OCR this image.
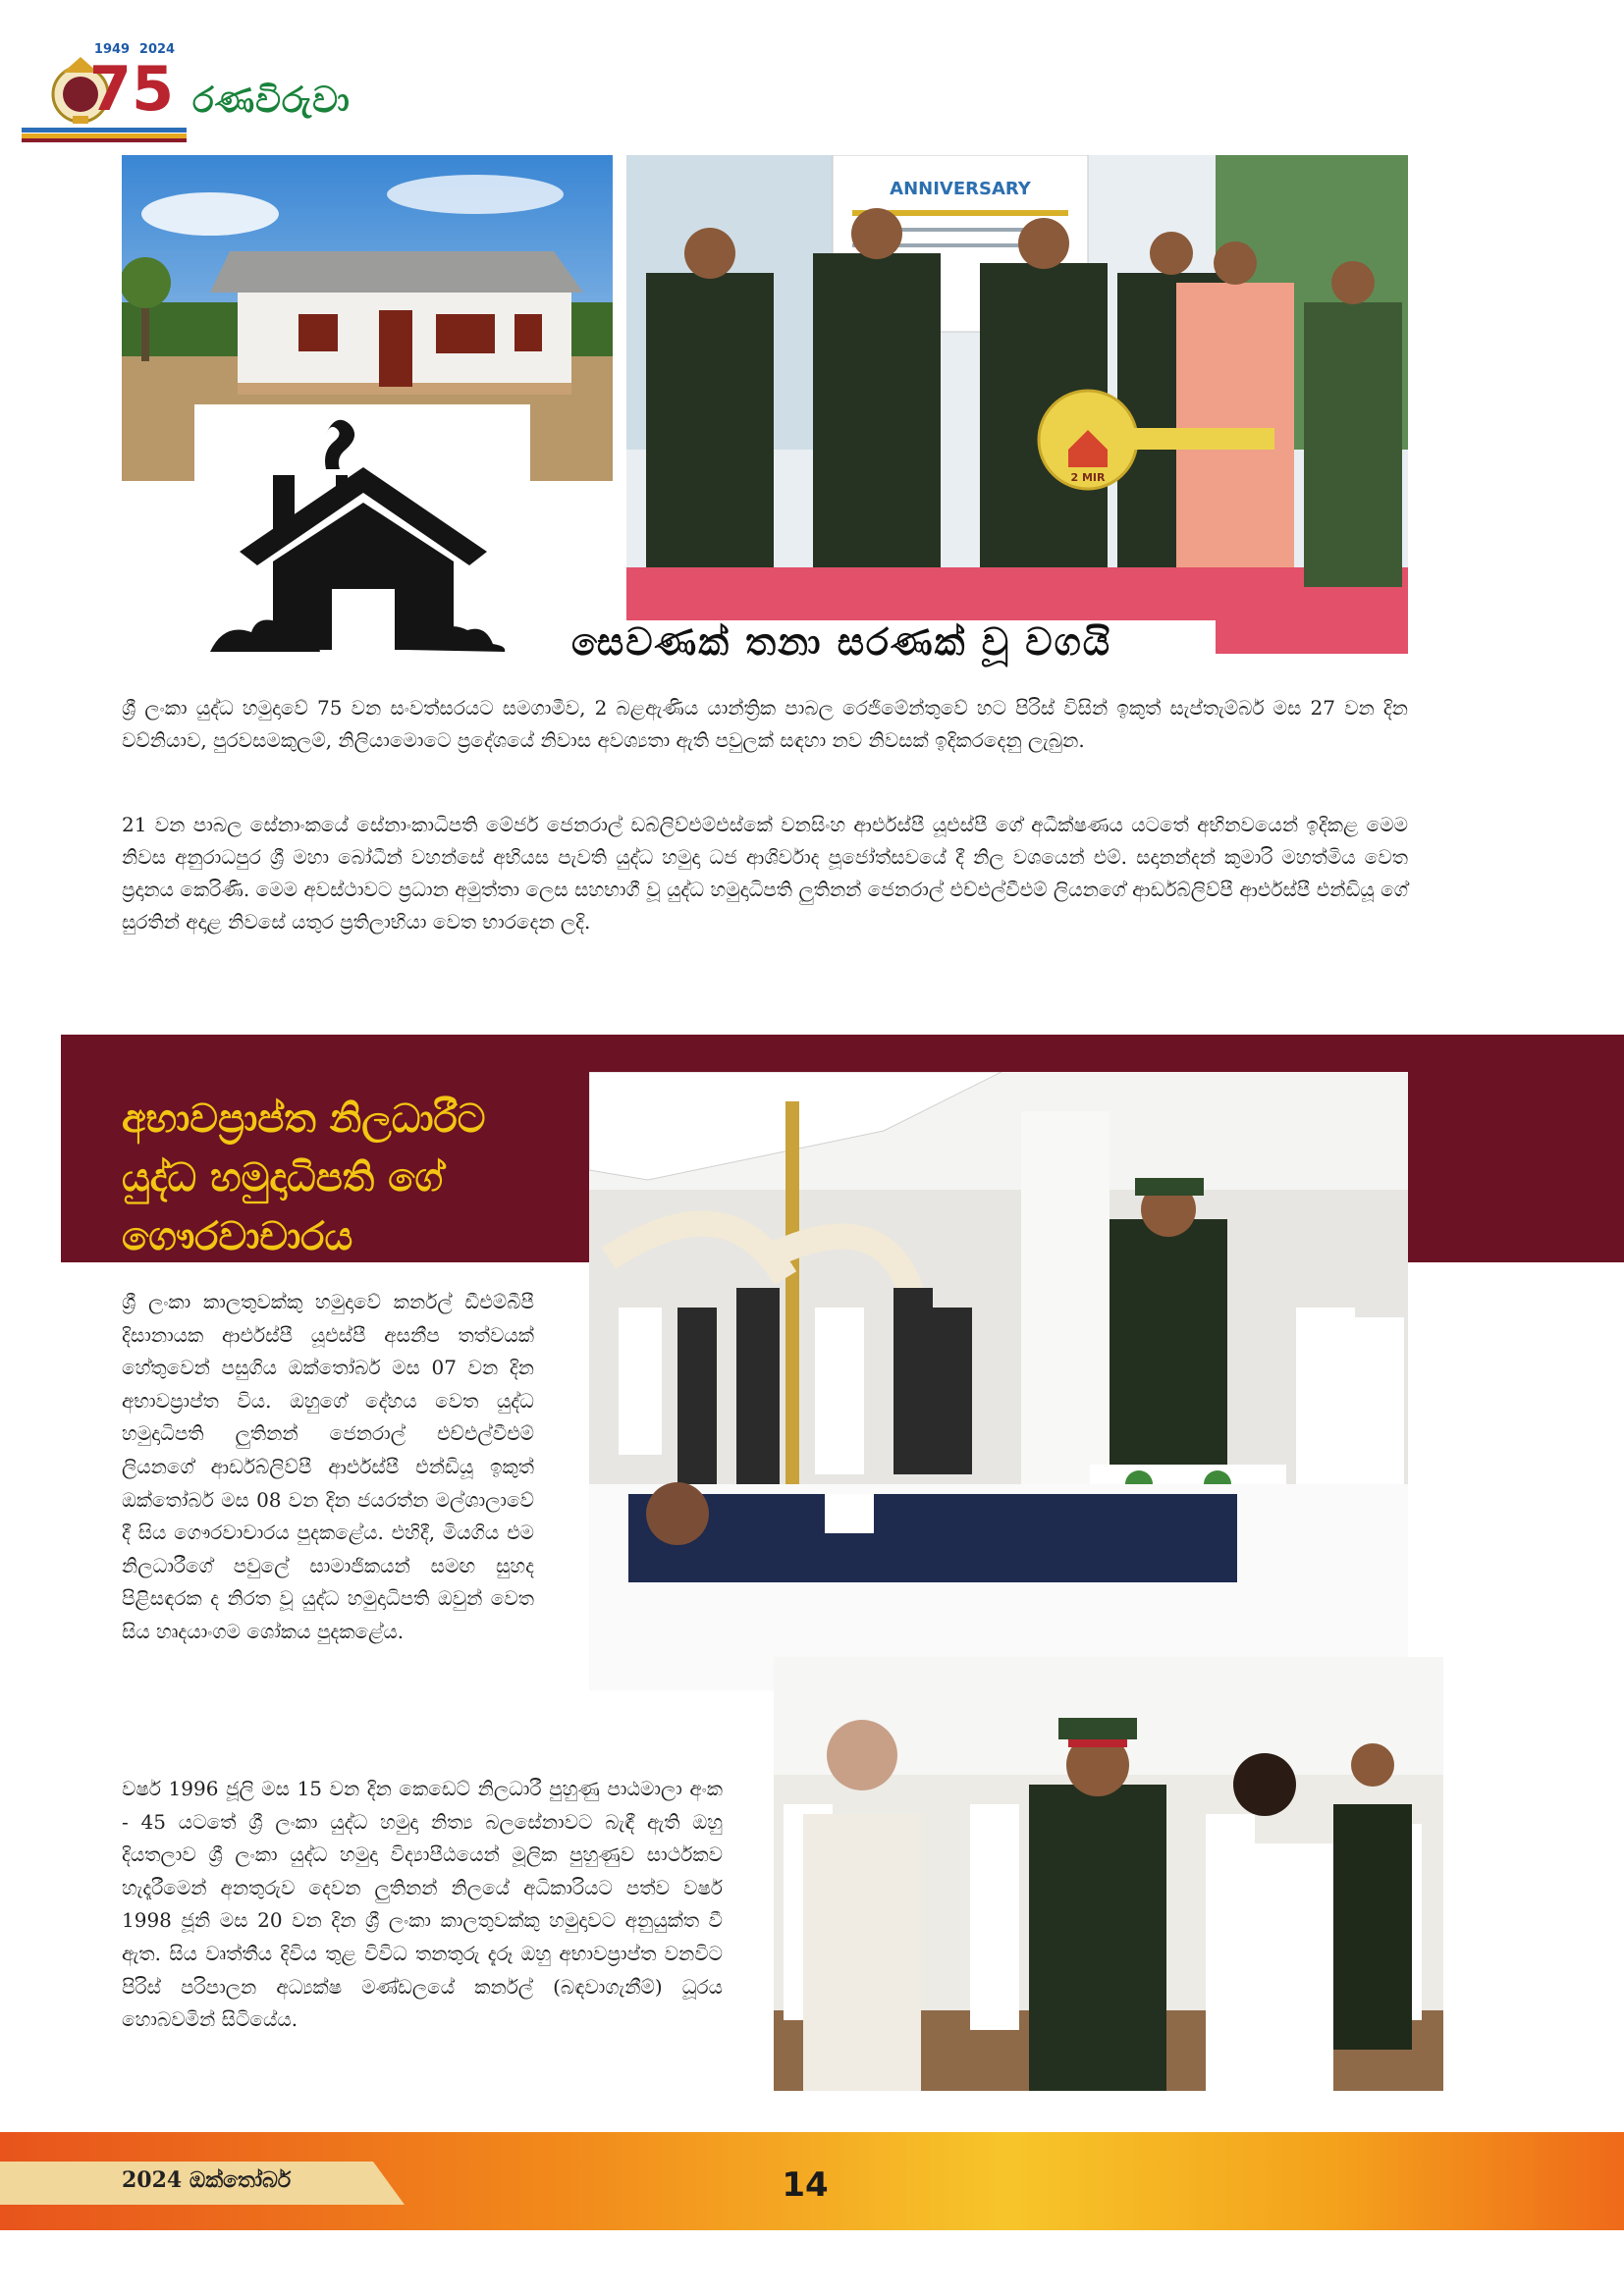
75
1949 2024
රණවිරුවා
ANNIVERSARY
2 MIR
සෙවණක් තනා සරණක් වූ වගයි

ශ්‍රී ලංකා යුද්ධ හමුදාවේ 75 වන සංවත්සරයට සමගාමීව, 2 බළඇණිය යාන්ත්‍රික පාබල රෙජිමේන්තුවේ හට පිරිස් විසින් ඉකුත් සැප්තැම්බර් මස 27 වන දින වව්නියාව, පුරවසමකුලම්, නිලියාමොටෙ ප්‍රදේශයේ නිවාස අවශ්‍යතා ඇති පවුලක් සඳහා නව නිවසක් ඉදිකරදෙනු ලැබුන.

21 වන පාබල සේනාංකයේ සේනාංකාධිපති මේජර් ජෙනරාල් ඩබ්ලිව්එම්එස්කේ වනසිංහ ආර්එස්පී යූඑස්පී ගේ අධීක්ෂණය යටතේ අභිනවයෙන් ඉදිකළ මෙම නිවස අනුරාධපුර ශ්‍රී මහා බෝධීන් වහන්සේ අභියස පැවති යුද්ධ හමුදා ධජ ආශිර්වාද පූජෝත්සවයේ දී නිල වශයෙන් එම්. සදානන්දන් කුමාරි මහත්මිය වෙත ප්‍රදානය කෙරිණි. මෙම අවස්ථාවට ප්‍රධාන අමුත්තා ලෙස සහභාගී වූ යුද්ධ හමුදාධිපති ලුතිනන් ජෙනරාල් එච්එල්වීඑම් ලියනගේ ආර්ඩබ්ලිව්පී ආර්එස්පී එන්ඩියූ ගේ සුරතින් අදාළ නිවසේ යතුර ප්‍රතිලාභියා වෙත භාරදෙන ලදි.

අභාවප්‍රාප්ත නිලධාරීට
යුද්ධ හමුදාධිපති ගේ
ගෞරවාචාරය

ශ්‍රී ලංකා කාලතුවක්කු හමුදාවේ කර්නල් ඩීඑම්බීපී දිසානායක ආර්එස්පී යූඑස්පී අසනීප තත්වයක් හේතුවෙන් පසුගිය ඔක්තෝබර් මස 07 වන දින අභාවප්‍රාප්ත විය. ඔහුගේ දේහය වෙත යුද්ධ හමුදාධිපති ලුතිනන් ජෙනරාල් එච්එල්වීඑම් ලියනගේ ආර්ඩබ්ලිව්පී ආර්එස්පී එන්ඩියූ ඉකුත් ඔක්තෝබර් මස 08 වන දින ජයරත්න මල්ශාලාවේ දී සිය ගෞරවාචාරය පුදකළේය. එහිදී, මියගිය එම නිලධාරීගේ පවුලේ සාමාජිකයන් සමඟ සුහද පිළිසඳරක ද නිරත වූ යුද්ධ හමුදාධිපති ඔවුන් වෙත සිය හෘදයාංගම ශෝකය පුදකළේය.

වර්ෂ 1996 ජූලි මස 15 වන දින කෙඩෙට් නිලධාරී පුහුණු පාඨමාලා අංක - 45 යටතේ ශ්‍රී ලංකා යුද්ධ හමුදා නිත්‍ය බලසේනාවට බැඳී ඇති ඔහු දියතලාව ශ්‍රී ලංකා යුද්ධ හමුදා විද්‍යාපීඨයෙන් මූලික පුහුණුව සාර්ථකව හැදෑරීමෙන් අනතුරුව දෙවන ලුතිනන් නිලයේ අධිකාරියට පත්ව වර්ෂ 1998 ජූනි මස 20 වන දින ශ්‍රී ලංකා කාලතුවක්කු හමුදාවට අනුයුක්ත වී ඇත. සිය වෘත්තීය දිවිය තුළ විවිධ තනතුරු දැරූ ඔහු අභාවප්‍රාප්ත වනවිට පිරිස් පරිපාලන අධ්‍යක්ෂ මණ්ඩලයේ කර්නල් (බඳවාගැනීම්) ධූරය හොබවමින් සිටියේය.

2024 ඔක්තෝබර්	14
